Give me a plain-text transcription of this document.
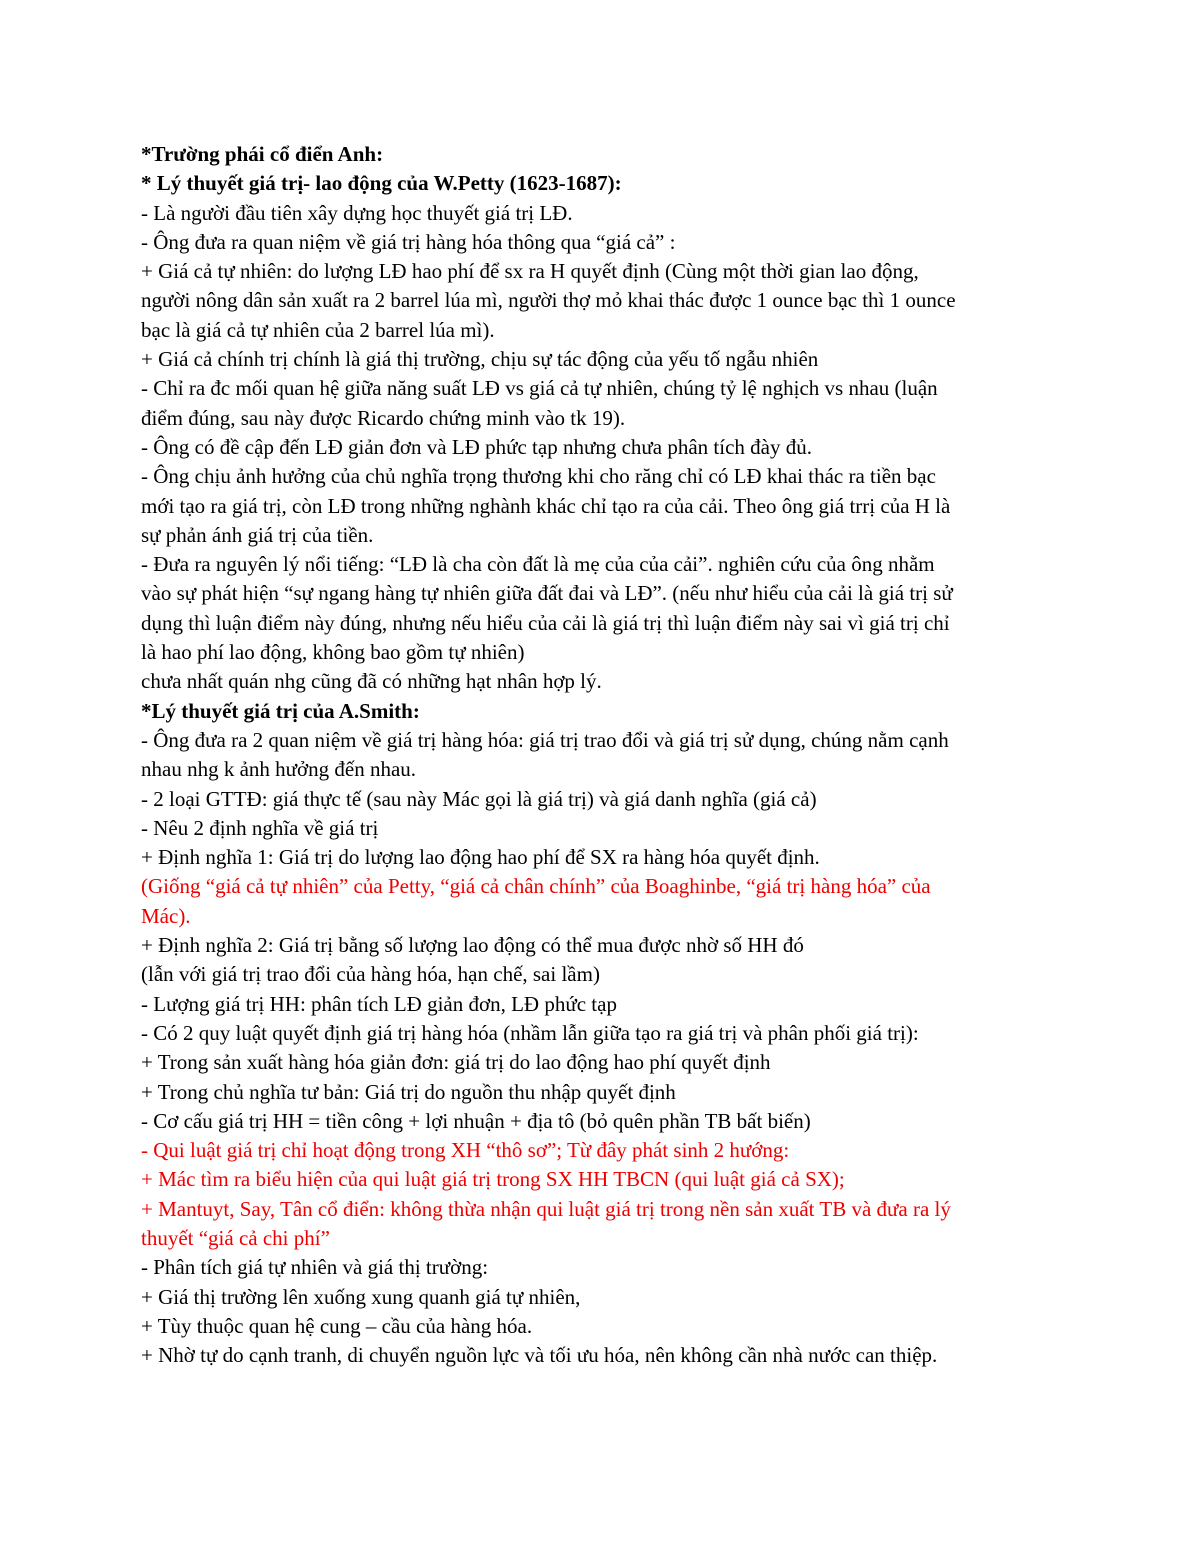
*Trường phái cổ điển Anh:
* Lý thuyết giá trị- lao động của W.Petty (1623-1687):
- Là người đầu tiên xây dựng học thuyết giá trị LĐ.
- Ông đưa ra quan niệm về giá trị hàng hóa thông qua “giá cả” :
+ Giá cả tự nhiên: do lượng LĐ hao phí để sx ra H quyết định (Cùng một thời gian lao động,
người nông dân sản xuất ra 2 barrel lúa mì, người thợ mỏ khai thác được 1 ounce bạc thì 1 ounce
bạc là giá cả tự nhiên của 2 barrel lúa mì).
+ Giá cả chính trị chính là giá thị trường, chịu sự tác động của yếu tố ngẫu nhiên
- Chỉ ra đc mối quan hệ giữa năng suất LĐ vs giá cả tự nhiên, chúng tỷ lệ nghịch vs nhau (luận
điểm đúng, sau này được Ricardo chứng minh vào tk 19).
- Ông có đề cập đến LĐ giản đơn và LĐ phức tạp nhưng chưa phân tích đày đủ.
- Ông chịu ảnh hưởng của chủ nghĩa trọng thương khi cho răng chỉ có LĐ khai thác ra tiền bạc
mới tạo ra giá trị, còn LĐ trong những nghành khác chỉ tạo ra của cải. Theo ông giá trrị của H là
sự phản ánh giá trị của tiền.
- Đưa ra nguyên lý nổi tiếng: “LĐ là cha còn đất là mẹ của của cải”. nghiên cứu của ông nhằm
vào sự phát hiện “sự ngang hàng tự nhiên giữa đất đai và LĐ”. (nếu như hiểu của cải là giá trị sử
dụng thì luận điểm này đúng, nhưng nếu hiểu của cải là giá trị thì luận điểm này sai vì giá trị chỉ
là hao phí lao động, không bao gồm tự nhiên)
chưa nhất quán nhg cũng đã có những hạt nhân hợp lý.
*Lý thuyết giá trị của A.Smith:
- Ông đưa ra 2 quan niệm về giá trị hàng hóa: giá trị trao đổi và giá trị sử dụng, chúng nằm cạnh
nhau nhg k ảnh hưởng đến nhau.
- 2 loại GTTĐ: giá thực tế (sau này Mác gọi là giá trị) và giá danh nghĩa (giá cả)
- Nêu 2 định nghĩa về giá trị
+ Định nghĩa 1: Giá trị do lượng lao động hao phí để SX ra hàng hóa quyết định.
(Giống “giá cả tự nhiên” của Petty, “giá cả chân chính” của Boaghinbe, “giá trị hàng hóa” của
Mác).
+ Định nghĩa 2: Giá trị bằng số lượng lao động có thể mua được nhờ số HH đó
(lẫn với giá trị trao đổi của hàng hóa, hạn chế, sai lầm)
- Lượng giá trị HH: phân tích LĐ giản đơn, LĐ phức tạp
- Có 2 quy luật quyết định giá trị hàng hóa (nhầm lẫn giữa tạo ra giá trị và phân phối giá trị):
+ Trong sản xuất hàng hóa giản đơn: giá trị do lao động hao phí quyết định
+ Trong chủ nghĩa tư bản: Giá trị do nguồn thu nhập quyết định
- Cơ cấu giá trị HH = tiền công + lợi nhuận + địa tô (bỏ quên phần TB bất biến)
- Qui luật giá trị chỉ hoạt động trong XH “thô sơ”; Từ đây phát sinh 2 hướng:
+ Mác tìm ra biểu hiện của qui luật giá trị trong SX HH TBCN (qui luật giá cả SX);
+ Mantuyt, Say, Tân cổ điển: không thừa nhận qui luật giá trị trong nền sản xuất TB và đưa ra lý
thuyết “giá cả chi phí”
- Phân tích giá tự nhiên và giá thị trường:
+ Giá thị trường lên xuống xung quanh giá tự nhiên,
+ Tùy thuộc quan hệ cung – cầu của hàng hóa.
+ Nhờ tự do cạnh tranh, di chuyển nguồn lực và tối ưu hóa, nên không cần nhà nước can thiệp.
